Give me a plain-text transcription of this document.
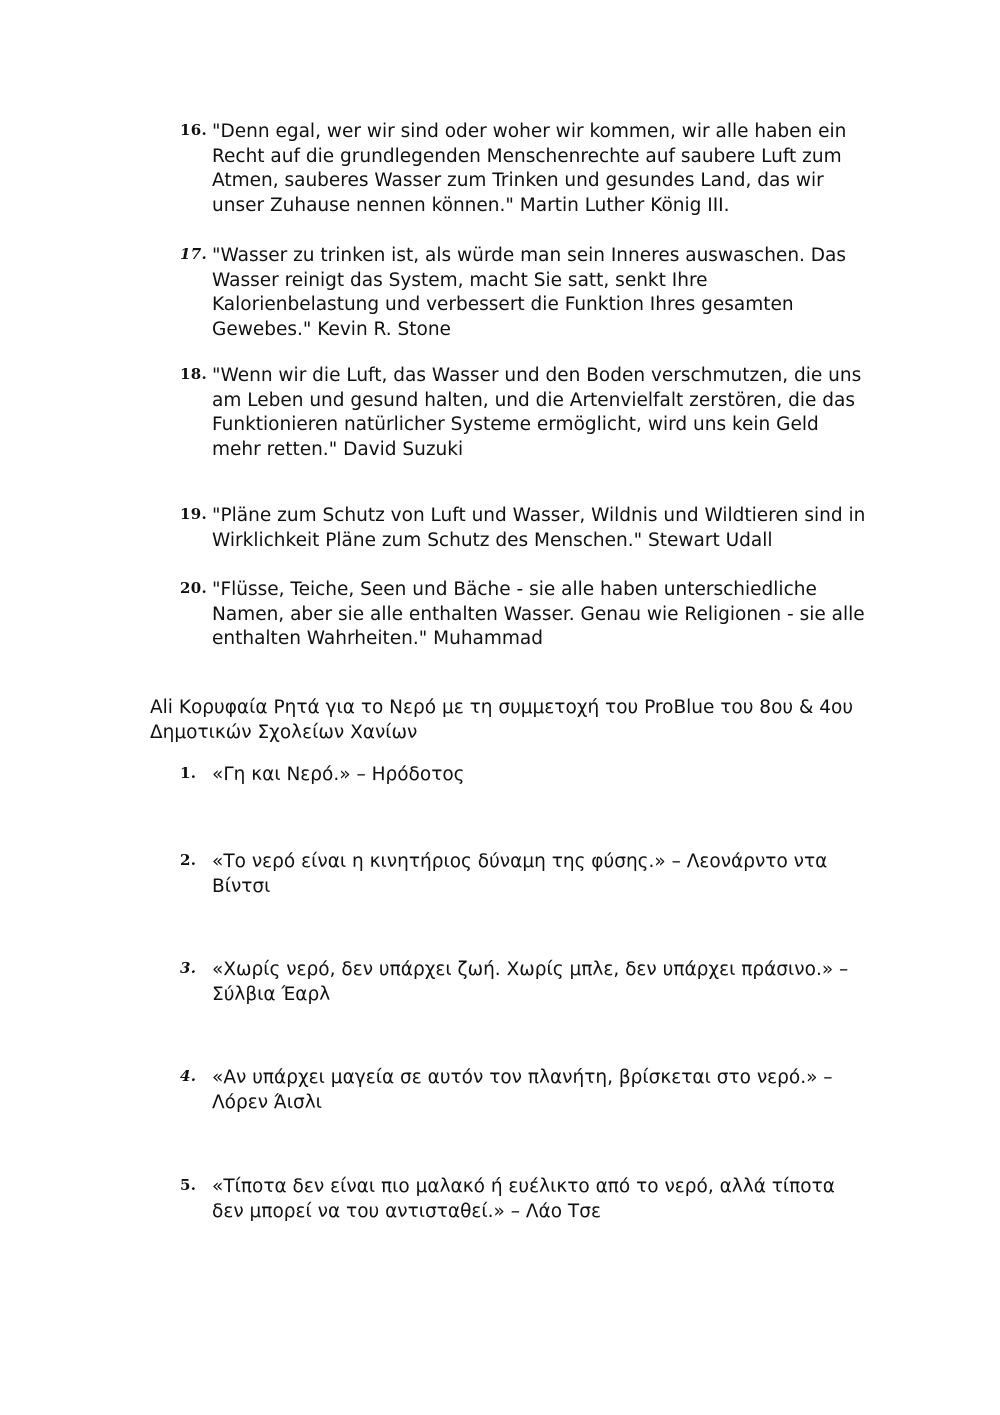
16. "Denn egal, wer wir sind oder woher wir kommen, wir alle haben ein Recht auf die grundlegenden Menschenrechte auf saubere Luft zum Atmen, sauberes Wasser zum Trinken und gesundes Land, das wir unser Zuhause nennen können." Martin Luther König III.
17. "Wasser zu trinken ist, als würde man sein Inneres auswaschen. Das Wasser reinigt das System, macht Sie satt, senkt Ihre Kalorienbelastung und verbessert die Funktion Ihres gesamten Gewebes." Kevin R. Stone
18. "Wenn wir die Luft, das Wasser und den Boden verschmutzen, die uns am Leben und gesund halten, und die Artenvielfalt zerstören, die das Funktionieren natürlicher Systeme ermöglicht, wird uns kein Geld mehr retten." David Suzuki
19. "Pläne zum Schutz von Luft und Wasser, Wildnis und Wildtieren sind in Wirklichkeit Pläne zum Schutz des Menschen." Stewart Udall
20. "Flüsse, Teiche, Seen und Bäche - sie alle haben unterschiedliche Namen, aber sie alle enthalten Wasser. Genau wie Religionen - sie alle enthalten Wahrheiten." Muhammad
Ali Κορυφαία Ρητά για το Νερό με τη συμμετοχή του ProBlue του 8ου & 4ου Δημοτικών Σχολείων Χανίων
1. «Γη και Νερό.» – Ηρόδοτος
2. «Το νερό είναι η κινητήριος δύναμη της φύσης.» – Λεονάρντο ντα Βίντσι
3. «Χωρίς νερό, δεν υπάρχει ζωή. Χωρίς μπλε, δεν υπάρχει πράσινο.» – Σύλβια Έαρλ
4. «Αν υπάρχει μαγεία σε αυτόν τον πλανήτη, βρίσκεται στο νερό.» – Λόρεν Άισλι
5. «Τίποτα δεν είναι πιο μαλακό ή ευέλικτο από το νερό, αλλά τίποτα δεν μπορεί να του αντισταθεί.» – Λάο Τσε
